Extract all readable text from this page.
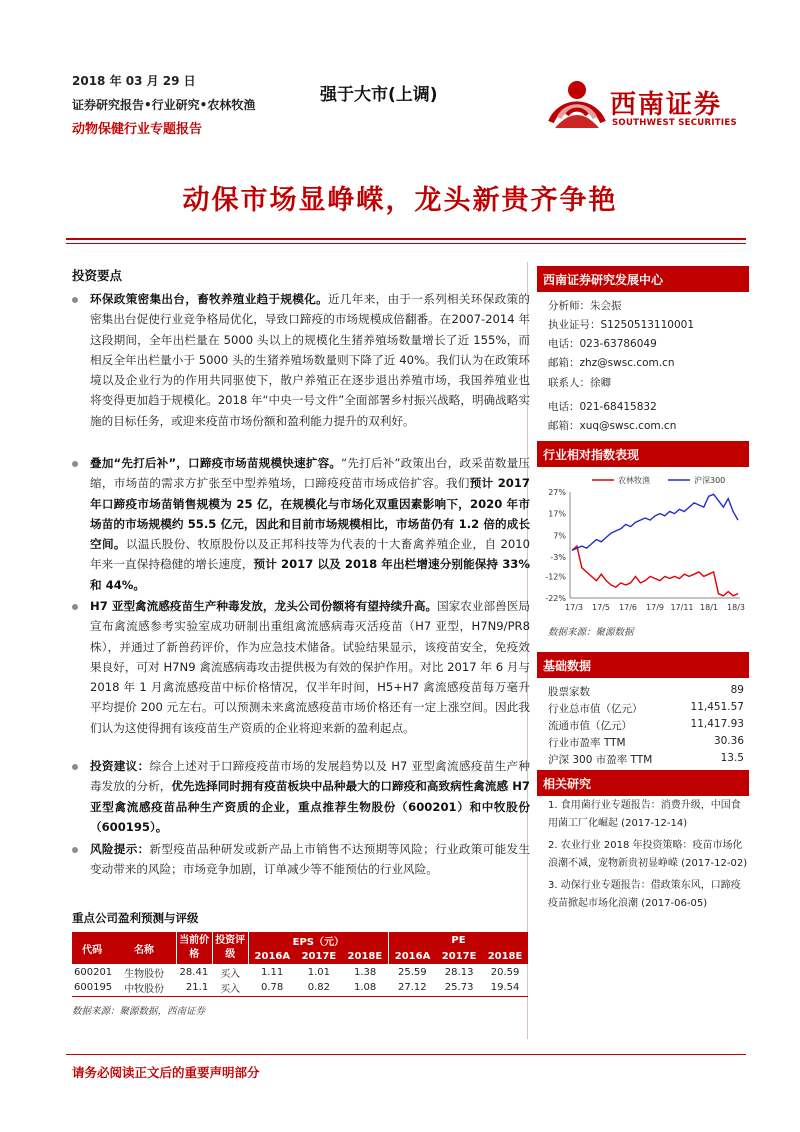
2018 年 03 月 29 日
证券研究报告•行业研究•农林牧渔
动物保健行业专题报告
强于大市(上调)	西南证券
SOUTHWEST SECURITIES
动保市场显峥嵘，龙头新贵齐争艳
投资要点
环保政策密集出台，畜牧养殖业趋于规模化。近几年来，由于一系列相关环保政策的密集出台促使行业竞争格局优化，导致口蹄疫的市场规模成倍翻番。在2007-2014 年这段期间，全年出栏量在 5000 头以上的规模化生猪养殖场数量增长了近 155%，而相反全年出栏量小于 5000 头的生猪养殖场数量则下降了近 40%。我们认为在政策环境以及企业行为的作用共同驱使下，散户养殖正在逐步退出养殖市场，我国养殖业也将变得更加趋于规模化。2018 年“中央一号文件”全面部署乡村振兴战略，明确战略实施的目标任务，或迎来疫苗市场份额和盈利能力提升的双利好。
叠加“先打后补”，口蹄疫市场苗规模快速扩容。“先打后补”政策出台，政采苗数量压缩，市场苗的需求方扩张至中型养殖场，口蹄疫疫苗市场成倍扩容。我们预计 2017 年口蹄疫市场苗销售规模为 25 亿，在规模化与市场化双重因素影响下，2020 年市场苗的市场规模约 55.5 亿元，因此和目前市场规模相比，市场苗仍有 1.2 倍的成长空间。以温氏股份、牧原股份以及正邦科技等为代表的十大畜禽养殖企业，自 2010 年来一直保持稳健的增长速度，预计 2017 以及 2018 年出栏增速分别能保持 33%和 44%。
H7 亚型禽流感疫苗生产种毒发放，龙头公司份额将有望持续升高。国家农业部兽医局宣布禽流感参考实验室成功研制出重组禽流感病毒灭活疫苗（H7 亚型，H7N9/PR8 株），并通过了新兽药评价，作为应急技术储备。试验结果显示，该疫苗安全，免疫效果良好，可对 H7N9 禽流感病毒攻击提供极为有效的保护作用。对比 2017 年 6 月与 2018 年 1 月禽流感疫苗中标价格情况，仅半年时间，H5+H7 禽流感疫苗每万毫升平均提价 200 元左右。可以预测未来禽流感疫苗市场价格还有一定上涨空间。因此我们认为这使得拥有该疫苗生产资质的企业将迎来新的盈利起点。
投资建议：综合上述对于口蹄疫疫苗市场的发展趋势以及 H7 亚型禽流感疫苗生产种毒发放的分析，优先选择同时拥有疫苗板块中品种最大的口蹄疫和高致病性禽流感 H7 亚型禽流感疫苗品种生产资质的企业，重点推荐生物股份（600201）和中牧股份（600195）。
风险提示：新型疫苗品种研发或新产品上市销售不达预期等风险；行业政策可能发生变动带来的风险；市场竞争加剧，订单减少等不能预估的行业风险。
重点公司盈利预测与评级
代码	名称	当前价格	投资评级	EPS（元）			PE		
				2016A	2017E	2018E	2016A	2017E	2018E
600201	生物股份	28.41	买入	1.11	1.01	1.38	25.59	28.13	20.59
600195	中牧股份	21.1	买入	0.78	0.82	1.08	27.12	25.73	19.54
数据来源：聚源数据，西南证券
西南证券研究发展中心
分析师：朱会振
执业证号：S1250513110001
电话：023-63786049
邮箱：zhz@swsc.com.cn
联系人：徐卿
电话：021-68415832
邮箱：xuq@swsc.com.cn
行业相对指数表现
27%
17%
7%
-3%
-12%
-22%
17/3 17/5 17/6 17/9 17/11 18/1 18/3
农林牧渔	沪深300
数据来源：聚源数据
基础数据
股票家数	89
行业总市值（亿元）	11,451.57
流通市值（亿元）	11,417.93
行业市盈率 TTM	30.36
沪深 300 市盈率 TTM	13.5
相关研究
1. 食用菌行业专题报告：消费升级，中国食用菌工厂化崛起 (2017-12-14)
2. 农业行业 2018 年投资策略：疫苗市场化浪潮不减，宠物新贵初显峥嵘 (2017-12-02)
3. 动保行业专题报告：借政策东风，口蹄疫疫苗掀起市场化浪潮 (2017-06-05)
请务必阅读正文后的重要声明部分
